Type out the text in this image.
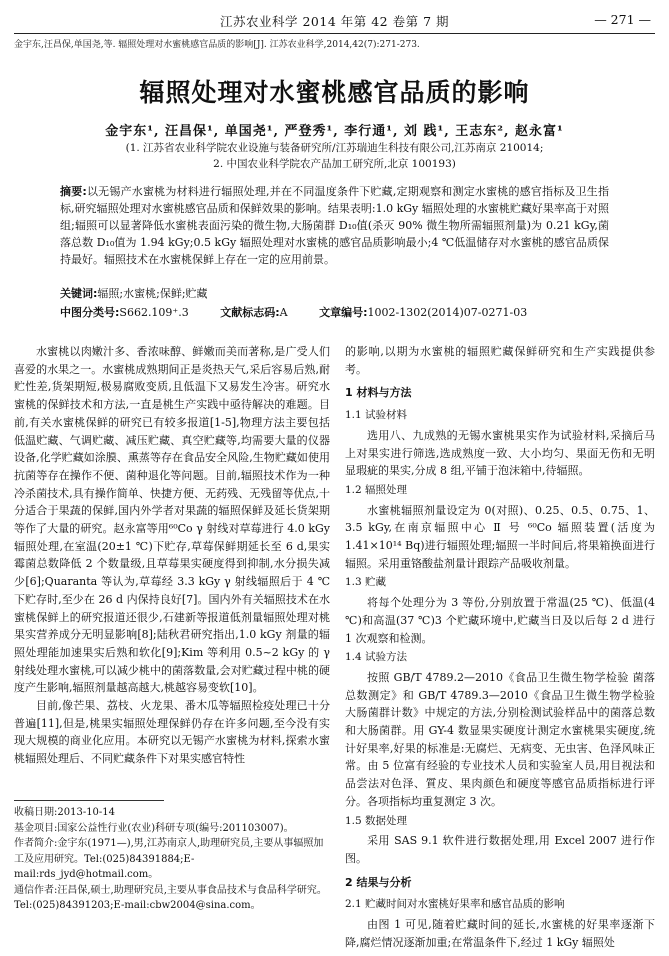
江苏农业科学 2014 年第 42 卷第 7 期	— 271 —
金宇东,汪昌保,单国尧,等. 辐照处理对水蜜桃感官品质的影响[J]. 江苏农业科学,2014,42(7):271-273.
辐照处理对水蜜桃感官品质的影响
金宇东¹, 汪昌保¹, 单国尧¹, 严登秀¹, 李行通¹, 刘 践¹, 王志东², 赵永富¹
(1. 江苏省农业科学院农业设施与装备研究所/江苏瑞迪生科技有限公司,江苏南京 210014;
2. 中国农业科学院农产品加工研究所,北京 100193)
摘要:以无锡产水蜜桃为材料进行辐照处理,并在不同温度条件下贮藏,定期观察和测定水蜜桃的感官指标及卫生指标,研究辐照处理对水蜜桃感官品质和保鲜效果的影响。结果表明:1.0 kGy 辐照处理的水蜜桃贮藏好果率高于对照组;辐照可以显著降低水蜜桃表面污染的微生物,大肠菌群 D₁₀值(杀灭 90% 微生物所需辐照剂量)为 0.21 kGy,菌落总数 D₁₀值为 1.94 kGy;0.5 kGy 辐照处理对水蜜桃的感官品质影响最小;4 ℃低温储存对水蜜桃的感官品质保持最好。辐照技术在水蜜桃保鲜上存在一定的应用前景。
关键词:辐照;水蜜桃;保鲜;贮藏
中图分类号:S662.109⁺.3	文献标志码:A	文章编号:1002-1302(2014)07-0271-03

水蜜桃以肉嫩汁多、香浓味醇、鲜嫩而美而著称,是广受人们喜爱的水果之一。水蜜桃成熟期间正是炎热天气,采后容易后熟,耐贮性差,货架期短,极易腐败变质,且低温下又易发生冷害。研究水蜜桃的保鲜技术和方法,一直是桃生产实践中亟待解决的难题。目前,有关水蜜桃保鲜的研究已有较多报道[1-5],物理方法主要包括低温贮藏、气调贮藏、减压贮藏、真空贮藏等,均需要大量的仪器设备,化学贮藏如涂膜、熏蒸等存在食品安全风险,生物贮藏如使用抗菌等存在操作不便、菌种退化等问题。目前,辐照技术作为一种冷杀菌技术,具有操作简单、快捷方便、无药残、无残留等优点,十分适合于果蔬的保鲜,国内外学者对果蔬的辐照保鲜及延长货架期等作了大量的研究。赵永富等用⁶⁰Co γ 射线对草莓进行 4.0 kGy 辐照处理,在室温(20±1 ℃)下贮存,草莓保鲜期延长至 6 d,果实霉菌总数降低 2 个数量级,且草莓果实硬度得到抑制,水分损失减少[6];Quaranta 等认为,草莓经 3.3 kGy γ 射线辐照后于 4 ℃下贮存时,至少在 26 d 内保持良好[7]。国内外有关辐照技术在水蜜桃保鲜上的研究报道还很少,石建新等报道低剂量辐照处理对桃果实营养成分无明显影响[8];陆秋君研究指出,1.0 kGy 剂量的辐照处理能加速果实后熟和软化[9];Kim 等利用 0.5~2 kGy 的 γ 射线处理水蜜桃,可以减少桃中的菌落数量,会对贮藏过程中桃的硬度产生影响,辐照剂量越高越大,桃越容易变软[10]。

目前,像芒果、荔枝、火龙果、番木瓜等辐照检疫处理已十分普遍[11],但是,桃果实辐照处理保鲜仍存在许多问题,至今没有实现大规模的商业化应用。本研究以无锡产水蜜桃为材料,探索水蜜桃辐照处理后、不同贮藏条件下对果实感官特性

收稿日期:2013-10-14
基金项目:国家公益性行业(农业)科研专项(编号:201103007)。
作者简介:金宇东(1971—),男,江苏南京人,助理研究员,主要从事辐照加工及应用研究。Tel:(025)84391884;E-mail:rds_jyd@hotmail.com。
通信作者:汪昌保,硕士,助理研究员,主要从事食品技术与食品科学研究。Tel:(025)84391203;E-mail:cbw2004@sina.com。

的影响,以期为水蜜桃的辐照贮藏保鲜研究和生产实践提供参考。

1 材料与方法
1.1 试验材料

选用八、九成熟的无锡水蜜桃果实作为试验材料,采摘后马上对果实进行筛选,选成熟度一致、大小均匀、果面无伤和无明显瑕疵的果实,分成 8 组,平铺于泡沫箱中,待辐照。

1.2 辐照处理

水蜜桃辐照剂量设定为 0(对照)、0.25、0.5、0.75、1、3.5 kGy,在南京辐照中心 Ⅱ 号 ⁶⁰Co 辐照装置(活度为 1.41×10¹⁴ Bq)进行辐照处理;辐照一半时间后,将果箱换面进行辐照。采用重铬酸盐剂量计跟踪产品吸收剂量。

1.3 贮藏

将每个处理分为 3 等份,分别放置于常温(25 ℃)、低温(4 ℃)和高温(37 ℃)3 个贮藏环境中,贮藏当日及以后每 2 d 进行 1 次观察和检测。

1.4 试验方法

按照 GB/T 4789.2—2010《食品卫生微生物学检验 菌落总数测定》和 GB/T 4789.3—2010《食品卫生微生物学检验 大肠菌群计数》中规定的方法,分别检测试验样品中的菌落总数和大肠菌群。用 GY-4 数显果实硬度计测定水蜜桃果实硬度,统计好果率,好果的标准是:无腐烂、无病变、无虫害、色泽风味正常。由 5 位富有经验的专业技术人员和实验室人员,用目视法和品尝法对色泽、質皮、果肉颜色和硬度等感官品质指标进行评分。各项指标均重复测定 3 次。

1.5 数据处理

采用 SAS 9.1 软件进行数据处理,用 Excel 2007 进行作图。

2 结果与分析
2.1 贮藏时间对水蜜桃好果率和感官品质的影响

由图 1 可见,随着贮藏时间的延长,水蜜桃的好果率逐渐下降,腐烂情况逐渐加重;在常温条件下,经过 1 kGy 辐照处
